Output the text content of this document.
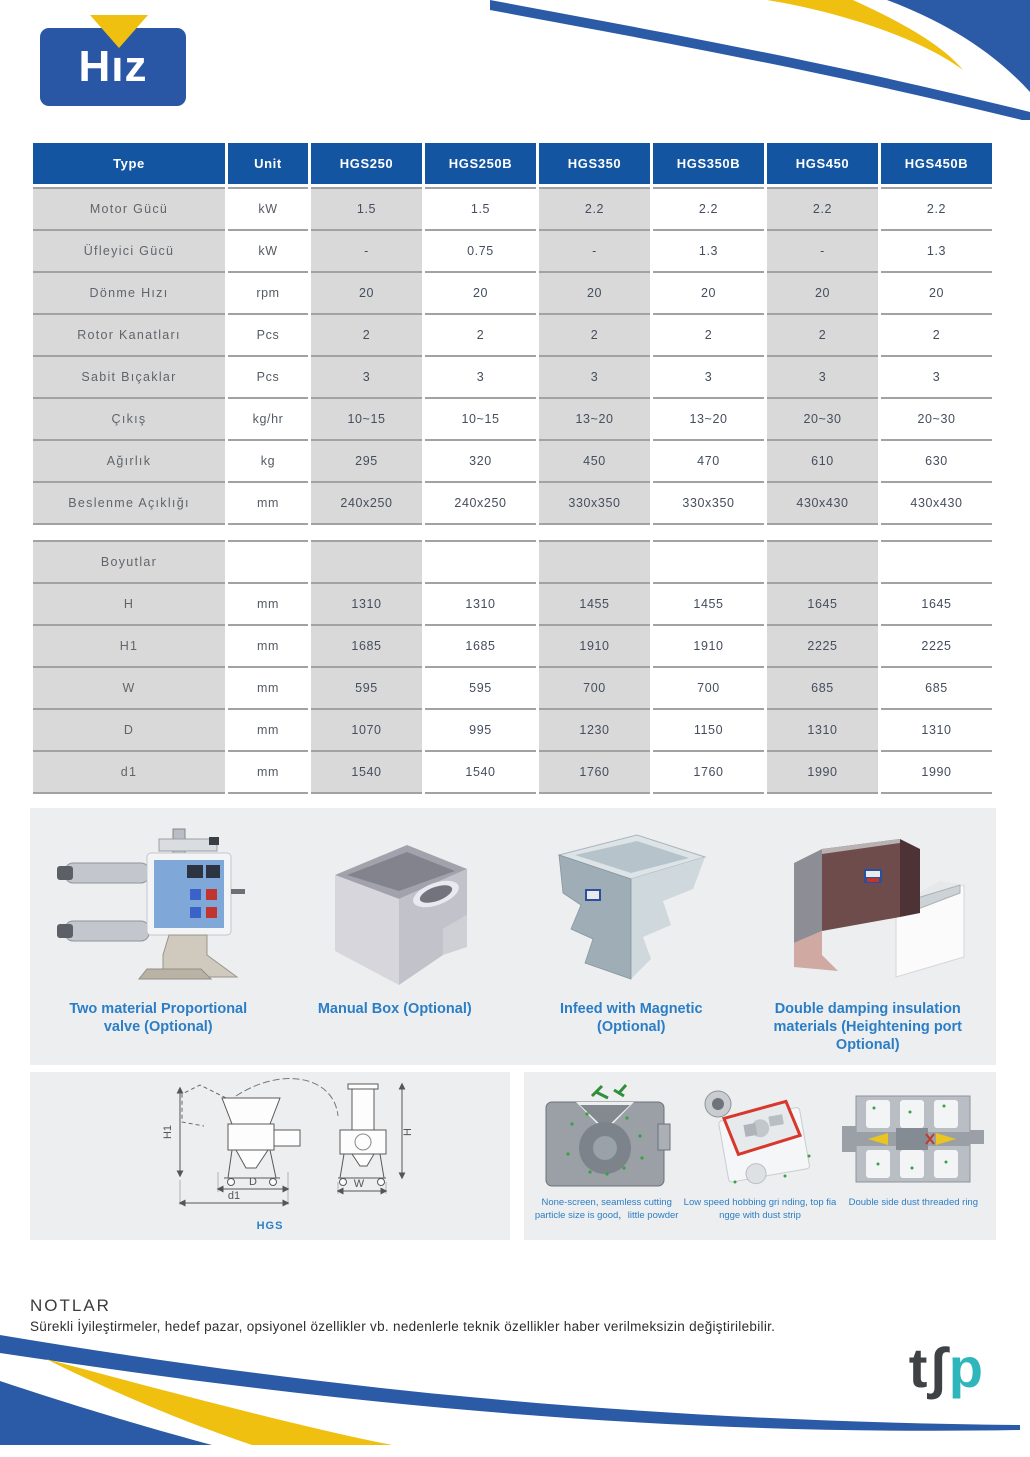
Hız
Type	Unit	HGS250	HGS250B	HGS350	HGS350B	HGS450	HGS450B
Motor Gücü	kW	1.5	1.5	2.2	2.2	2.2	2.2
Üfleyici Gücü	kW	-	0.75	-	1.3	-	1.3
Dönme Hızı	rpm	20	20	20	20	20	20
Rotor Kanatları	Pcs	2	2	2	2	2	2
Sabit Bıçaklar	Pcs	3	3	3	3	3	3
Çıkış	kg/hr	10~15	10~15	13~20	13~20	20~30	20~30
Ağırlık	kg	295	320	450	470	610	630
Beslenme Açıklığı	mm	240x250	240x250	330x350	330x350	430x430	430x430
Boyutlar							
H	mm	1310	1310	1455	1455	1645	1645
H1	mm	1685	1685	1910	1910	2225	2225
W	mm	595	595	700	700	685	685
D	mm	1070	995	1230	1150	1310	1310
d1	mm	1540	1540	1760	1760	1990	1990
Two material Proportional valve (Optional)
Manual Box (Optional)	Infeed with Magnetic (Optional)
Double damping insulation materials (Heightening port Optional)
H1
D
d1
H
W
HGS
None-screen, seamless cutting particle size is good，little powder
Low speed hobbing gri nding, top fia ngge with dust strip
Double side dust threaded ring
NOTLAR

Sürekli İyileştirmeler, hedef pazar, opsiyonel özellikler vb. nedenlerle teknik özellikler haber verilmeksizin değiştirilebilir.

t∫p
